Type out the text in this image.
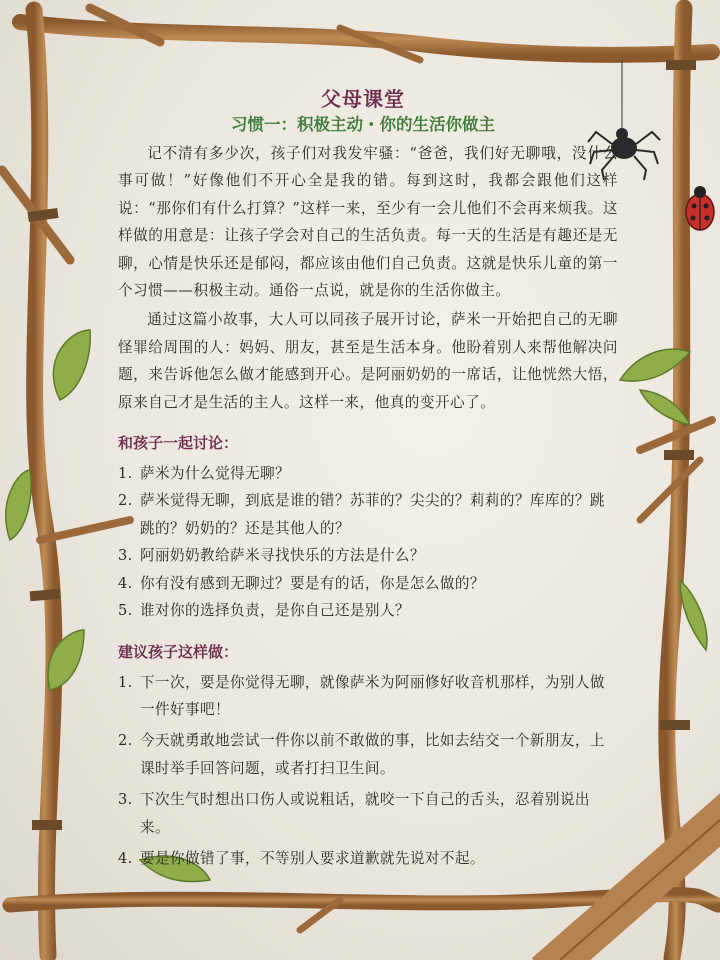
父母课堂
习惯一：积极主动・你的生活你做主

记不清有多少次，孩子们对我发牢骚：“爸爸，我们好无聊哦，没什么事可做！”好像他们不开心全是我的错。每到这时，我都会跟他们这样说：“那你们有什么打算？”这样一来，至少有一会儿他们不会再来烦我。这样做的用意是：让孩子学会对自己的生活负责。每一天的生活是有趣还是无聊，心情是快乐还是郁闷，都应该由他们自己负责。这就是快乐儿童的第一个习惯——积极主动。通俗一点说，就是你的生活你做主。

通过这篇小故事，大人可以同孩子展开讨论，萨米一开始把自己的无聊怪罪给周围的人：妈妈、朋友，甚至是生活本身。他盼着别人来帮他解决问题，来告诉他怎么做才能感到开心。是阿丽奶奶的一席话，让他恍然大悟，原来自己才是生活的主人。这样一来，他真的变开心了。

和孩子一起讨论：
1. 萨米为什么觉得无聊？
2. 萨米觉得无聊，到底是谁的错？苏菲的？尖尖的？莉莉的？库库的？跳跳的？奶奶的？还是其他人的？
3. 阿丽奶奶教给萨米寻找快乐的方法是什么？
4. 你有没有感到无聊过？要是有的话，你是怎么做的？
5. 谁对你的选择负责，是你自己还是别人？
建议孩子这样做：
1. 下一次，要是你觉得无聊，就像萨米为阿丽修好收音机那样，为别人做一件好事吧！
2. 今天就勇敢地尝试一件你以前不敢做的事，比如去结交一个新朋友，上课时举手回答问题，或者打扫卫生间。
3. 下次生气时想出口伤人或说粗话，就咬一下自己的舌头，忍着别说出来。
4. 要是你做错了事，不等别人要求道歉就先说对不起。
